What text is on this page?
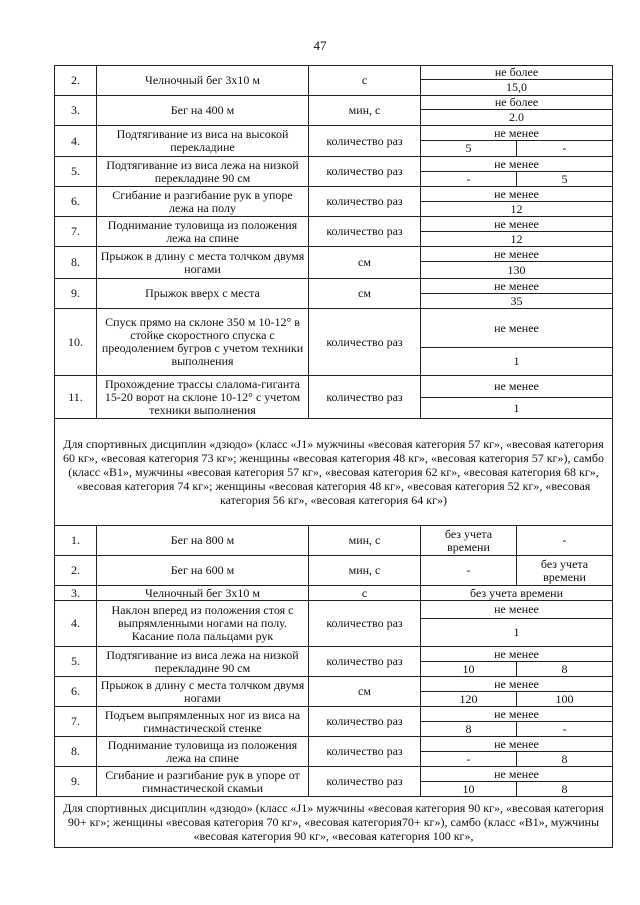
47
2.	Челночный бег 3х10 м	с	не более	
			15,0	
3.	Бег на 400 м	мин, с	не более	
			2.0	
4.	Подтягивание из виса на высокой перекладине	количество раз	не менее	
			5	-
5.	Подтягивание из виса лежа на низкой перекладине 90 см	количество раз	не менее	
			-	5
6.	Сгибание и разгибание рук в упоре лежа на полу	количество раз	не менее	
			12	
7.	Поднимание туловища из положения лежа на спине	количество раз	не менее	
			12	
8.	Прыжок в длину с места толчком двумя ногами	см	не менее	
			130	
9.	Прыжок вверх с места	см	не менее	
			35	
10.	Спуск прямо на склоне 350 м 10-12° в стойке скоростного спуска с преодолением бугров с учетом техники выполнения	количество раз	не менее	
			1	
11.	Прохождение трассы слалома-гиганта 15-20 ворот на склоне 10-12° с учетом техники выполнения	количество раз	не менее	
			1	
Для спортивных дисциплин «дзюдо» (класс «J1» мужчины «весовая категория 57 кг», «весовая категория 60 кг», «весовая категория 73 кг»; женщины «весовая категория 48 кг», «весовая категория 57 кг»), самбо (класс «В1», мужчины «весовая категория 57 кг», «весовая категория 62 кг», «весовая категория 68 кг», «весовая категория 74 кг»; женщины «весовая категория 48 кг», «весовая категория 52 кг», «весовая категория 56 кг», «весовая категория 64 кг»)				
1.	Бег на 800 м	мин, с	без учета времени	-
2.	Бег на 600 м	мин, с	-	без учета времени
3.	Челночный бег 3х10 м	с	без учета времени	
4.	Наклон вперед из положения стоя с выпрямленными ногами на полу. Касание пола пальцами рук	количество раз	не менее	
			1	
5.	Подтягивание из виса лежа на низкой перекладине 90 см	количество раз	не менее	
			10	8
6.	Прыжок в длину с места толчком двумя ногами	см	не менее	
			120	100
7.	Подъем выпрямленных ног из виса на гимнастической стенке	количество раз	не менее	
			8	-
8.	Поднимание туловища из положения лежа на спине	количество раз	не менее	
			-	8
9.	Сгибание и разгибание рук в упоре от гимнастической скамьи	количество раз	не менее	
			10	8
Для спортивных дисциплин «дзюдо» (класс «J1» мужчины «весовая категория 90 кг», «весовая категория 90+ кг»; женщины «весовая категория 70 кг», «весовая категория70+ кг»), самбо (класс «В1», мужчины «весовая категория 90 кг», «весовая категория 100 кг»,				
